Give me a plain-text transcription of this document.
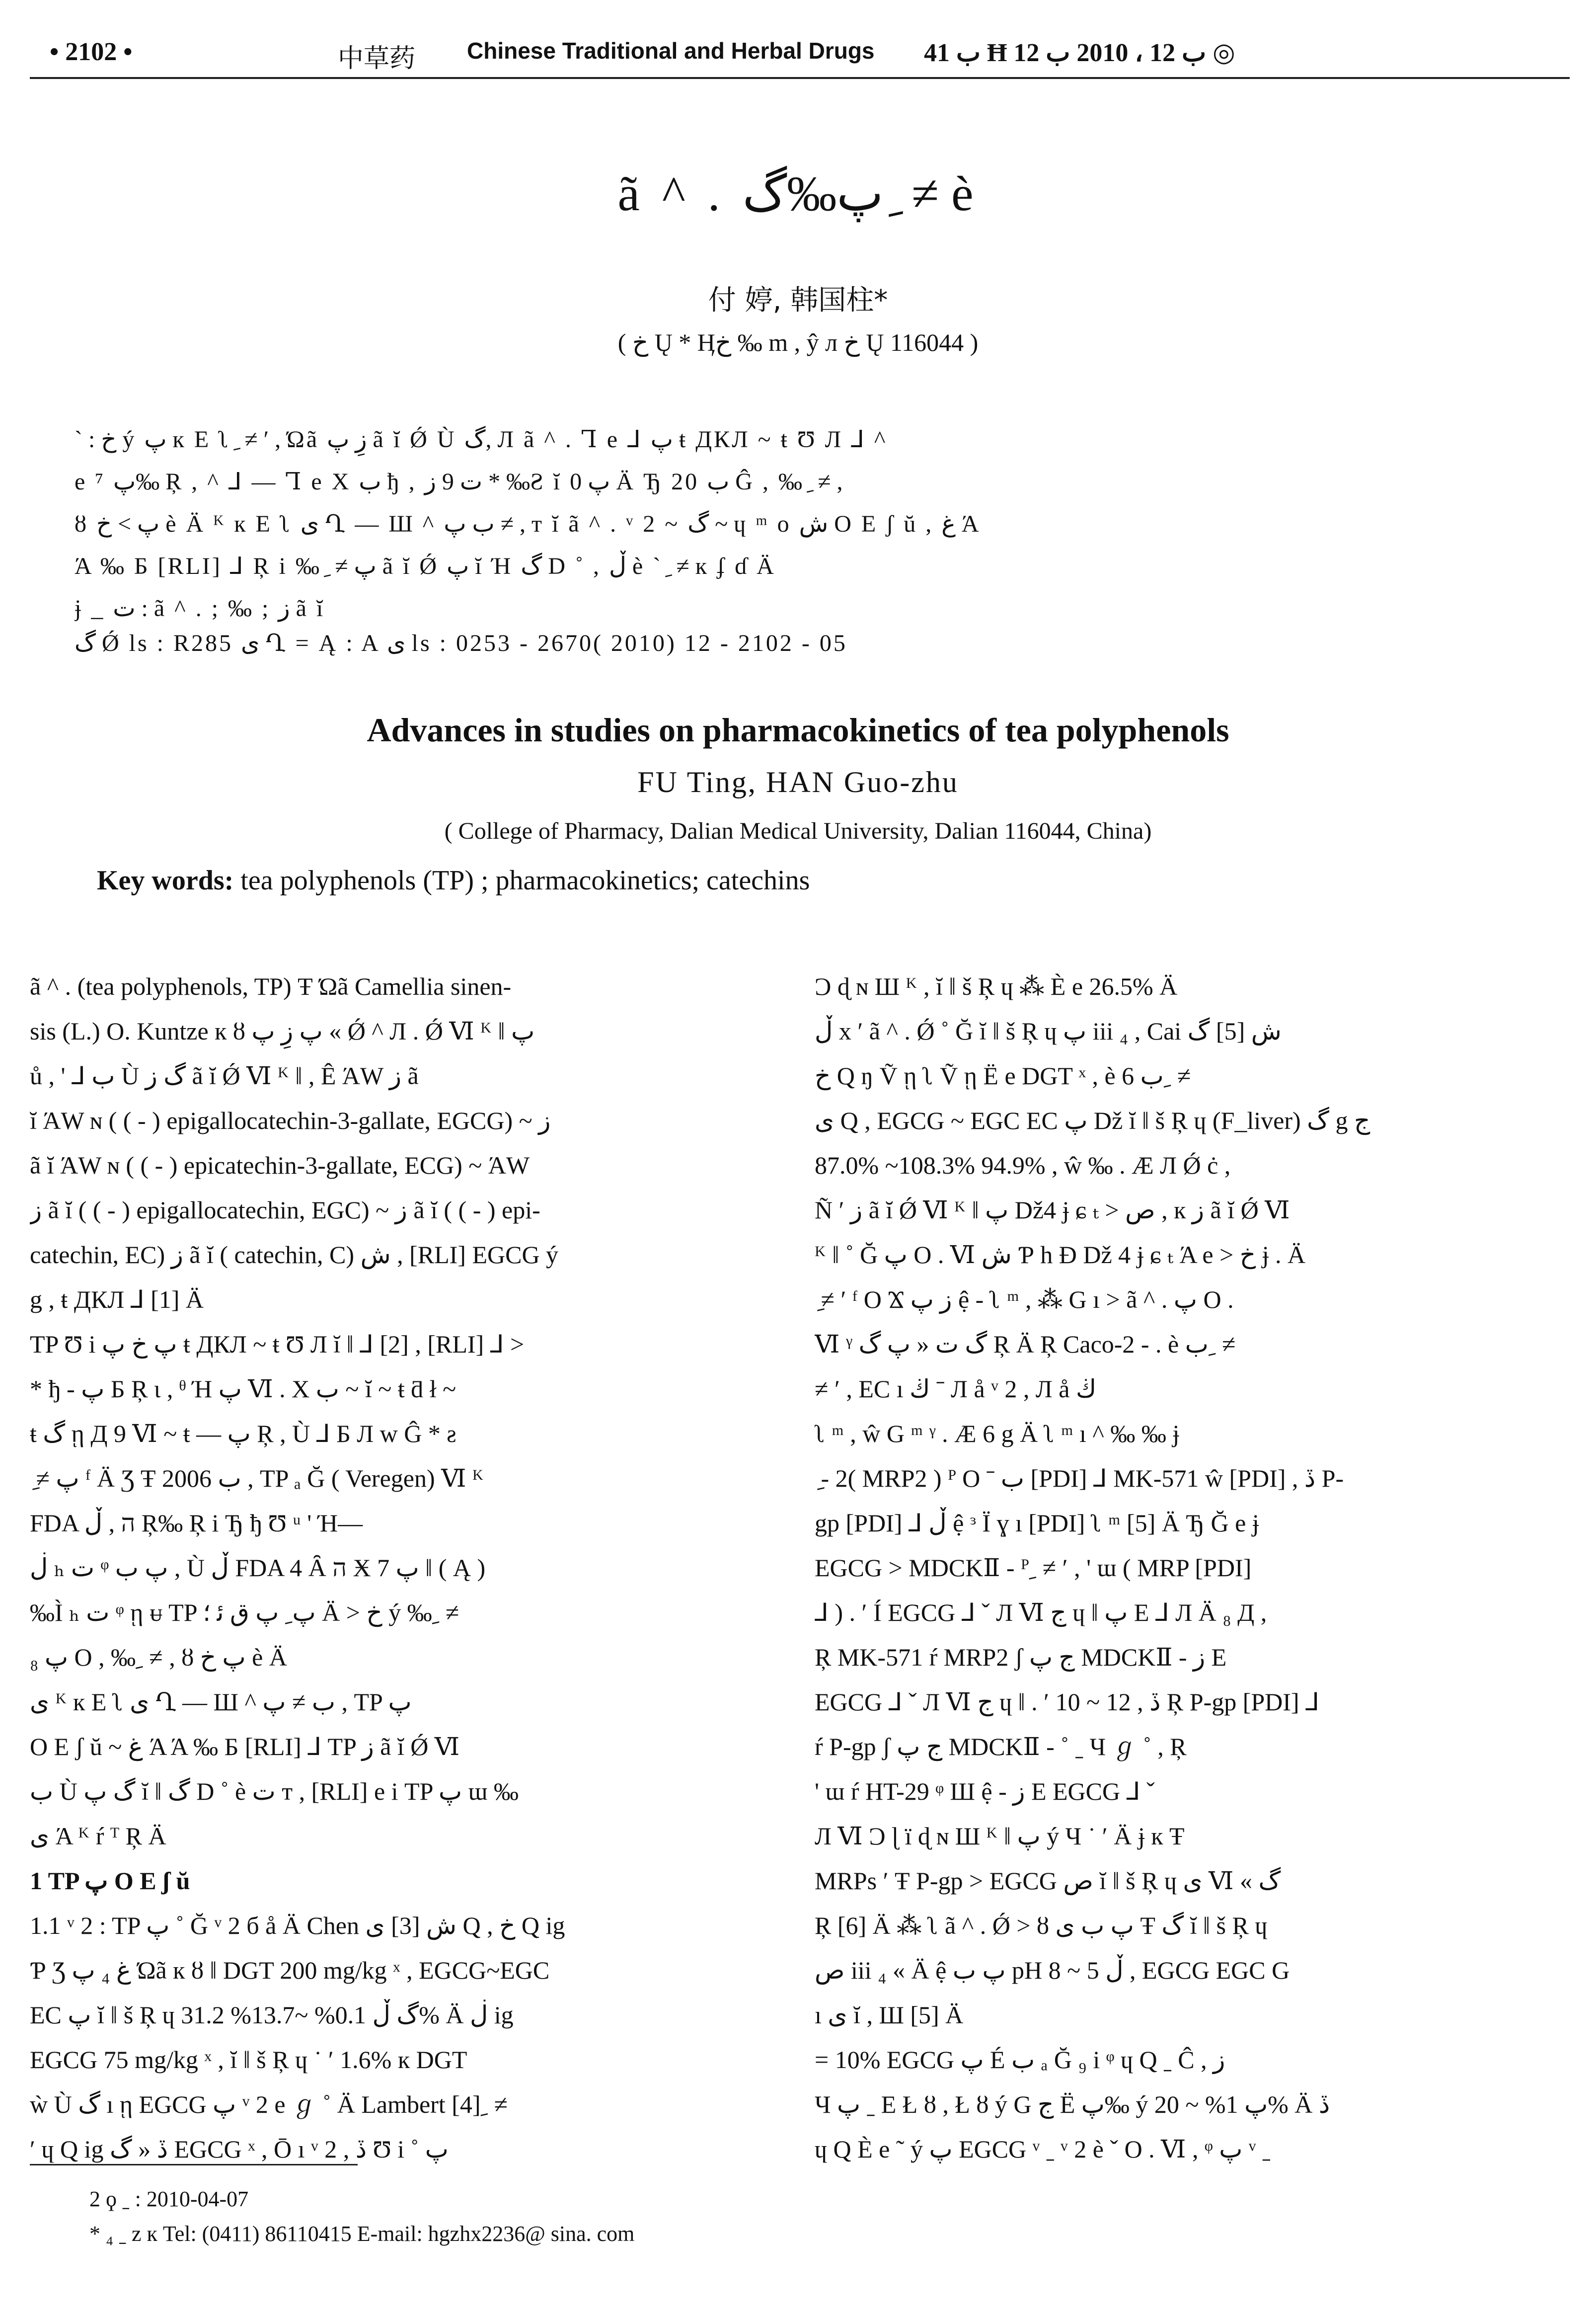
• 2102 •	中草药 Chinese Traditional and Herbal Drugs ب 41 Ħ ب 12 ، 2010 ب 12 ◎
ã ^ . پ‰گ ِ ≠ è
付 婷, 韩国柱*
( خ Ų * Ӊخ ‰ m , ŷ л خ Ų 116044 )
` : خ ý پ к Е ʅ ِ ≠ ′ , Ώã زِ پ ã ĭ Ǿ Ù گ, Л ã ^ . Ꞁ е ⅃ پ ŧ ДКЛ ~ ŧ Ʊ Л ⅃ ^
е ⁷ پ‰ Ŗ , ^ ⅃ ― Ꞁ е Х ب ђ , ت 9 ز * ‰Ƨ ĭ پ 0 Ä Ђ 20 ب Ĝ , ‰ ِ ≠ ,
ȣ پ > خ è Ä ᴷ к Е ʅ ى Ղ ― Ш ^ ب پ ≠ , т ĭ ã ^ . ᵛ 2 ~ گ ~ ɥ ᵐ o ش О Е ʃ ŭ , غ Ά
Ά ‰ Б [RLI] ⅃ Ŗ і ‰ ِ ≠ پ ã ĭ Ǿ پ ĭ Ή گ D ˚ , ڵ è ` ِ ≠ к ʄ ɗ Ä
ɉ _ ت : ã ^ . ; ‰ ; ز ã ĭ
گ Ǿ ls : R285 ى Ղ = Ą : A ى ls : 0253 - 2670( 2010) 12 - 2102 - 05
Advances in studies on pharmacokinetics of tea polyphenols
FU Ting, HAN Guo-zhu
( College of Pharmacy, Dalian Medical University, Dalian 116044, China)
Key words: tea polyphenols (TP) ; pharmacokinetics; catechins
ã ^ . (tea polyphenols, TP) Ŧ Ώã Camellia sinen-
sis (L.) O. Kuntze к ȣ پ زِ پ « Ǿ ^ Л . Ǿ Ⅵ ᴷ ǁ پ
ů , ' ⅃ ب Ù گ ز ã ĭ Ǿ Ⅵ ᴷ ǁ , Ê ΆW ز ã
ĭ ΆW ɴ ( ( - ) epigallocatechin-3-gallate, EGCG) ~ ز
ã ĭ ΆW ɴ ( ( - ) epicatechin-3-gallate, ECG) ~ ΆW
ز ã ĭ ( ( - ) epigallocatechin, EGC) ~ ز ã ĭ ( ( - ) epi-
catechin, EC) ز ã ĭ ( catechin, C) ش , [RLI] EGCG ý
g , ŧ ДКЛ ⅃ [1] Ä
TP Ʊ і پ خ پ ŧ ДКЛ ~ ŧ Ʊ Л ĭ ǁ ⅃ [2] , [RLI] ⅃ >
* ђ - پ Б Ŗ ι , ᶿ Ή پ Ⅵ . Х ب ~ ĭ ~ ŧ ƌ ł ~
ŧ گ ῃ Д 9 Ⅵ ~ ŧ ― پ Ŗ , Ù ⅃ Б Л w Ĝ * ƨ
ِ ≠ پ ᶠ Ä Ʒ Ŧ 2006 ب , TP ₐ Ğ ( Veregen) Ⅵ ᴷ
FDA ה , ڵ Ŗ‰ Ŗ і Ђ ђ Ʊ ᵘ ' Ή―
ڶ ₕ ت ᵠ پ ب , Ù ڵ FDA 4 Ȃ ה Ӿ 7 پ ǁ ( Ą )
‰Ì ₕ ت ᵠ ῃ ᵾ TP پ ِ پ ق ﺋ ؛ Ä > خ ý ‰ ِ ≠
پ ₈ O , ‰ ِ ≠ , ȣ پ خ è Ä
ى ᴷ к Е ʅ ى Ղ ― Ш ^ ب ≠ پ , TP پ
О Е ʃ ŭ ~ غ Ά Ά ‰ Б [RLI] ⅃ TP ز ã ĭ Ǿ Ⅵ
ب Ù گ پ ĭ ǁ گ D ˚ è ت т , [RLI] е і TP پ ɯ ‰
ى Ά ᴷ ŕ ᵀ Ŗ Ä
1 TP پ О Е ʃ ŭ
1.1 ᵛ 2 : TP پ ˚ Ğ ᵛ 2 б å Ä Chen ش [3] ى Q , خ Q ig
Ƥ Ʒ غ ₄ پ Ώã к ȣ ǁ DGT 200 mg/kg ˣ , EGCG~EGC
EC پ ĭ ǁ š Ŗ ɥ گ ڵ 0.1% ~13.7% 31.2% Ä ڶ ig
EGCG 75 mg/kg ˣ , ĭ ǁ š Ŗ ɥ ˙ ′ 1.6% к DGT
ẁ Ù گ ı ῃ EGCG پ ᵛ 2 е ℊ ˚ Ä Lambert [4] ِ ≠
′ ɥ Q ig ڏ « گ EGCG ˣ , Ō ı ᵛ 2 , ڏ Ʊ і ˚ پ
Ɔ ɖ ɴ Ш ᴷ , ĭ ǁ š Ŗ ɥ ⁂ È е 26.5% Ä
ڵ x ′ ã ^ . Ǿ ˚ Ğ ĭ ǁ š Ŗ ɥ پ iii ₄ , Cai ش [5] گ
خ Q ŋ Ṽ ῃ ʅ Ṽ ῃ Ë е DGT ˣ , è ب 6 ِ ≠
ى Q , EGCG ~ EGC EC پ Dž ĭ ǁ š Ŗ ɥ (F_liver) گ g ج
87.0% ~108.3% 94.9% , ŵ ‰ . Æ Л Ǿ ċ ,
Ñ ′ ز ã ĭ Ǿ Ⅵ ᴷ ǁ پ Dž4 ɉ ɕ ₜ > ص , к ز ã ĭ Ǿ Ⅵ
ᴷ ǁ ˚ Ğ پ О . Ⅵ ش Ƥ һ Ɖ Dž 4 ɉ ɕ ₜ Ά е > خ ɉ . Ä
ِ ≠ ′ ᶠ O Ϫ ز پ ệ - ʅ ᵐ , ⁂ G ı > ã ^ . پ O .
Ⅵ ᵞ گ ت « پ گ Ŗ Ä Ŗ Caco-2 - . è ب ِ ≠
≠ ′ , EC ı ڬ ˉ Л å ᵛ 2 , Л å ڬ
ʅ ᵐ , ŵ G ᵐ ᵞ . Æ 6 g Ä ʅ ᵐ ı ^ ‰ ‰ ɉ
ِ - 2( MRP2 ) ᴾ O ˉ ب [PDI] ⅃ MK-571 ŵ [PDI] , ڏ P-
gp [PDI] ⅃ ڵ ệ ᵌ Ï ɣ ı [PDI] ʅ ᵐ [5] Ä Ђ Ğ е ɉ
EGCG > MDCKⅡ - ᴾ ِ ≠ ′ , ' ɯ ( MRP [PDI]
⅃ ) . ′ Í EGCG ⅃ ˇ Л Ⅵ ج ɥ ǁ پ Е ⅃ Л Ä ₈ Д ,
Ŗ MK-571 ŕ MRP2 ʃ ج پ MDCKⅡ - ز Е
EGCG ⅃ ˇ Л Ⅵ ج ɥ ǁ . ′ 10 ~ 12 , ڏ Ŗ P-gp [PDI] ⅃
ŕ P-gp ʃ ج پ MDCKⅡ - ˚ ˍ Ч ℊ ˚ , Ŗ
' ɯ ŕ HT-29 ᵠ Ш ệ - ز Е EGCG ⅃ ˇ
Л Ⅵ Ɔ ɭ ï ɖ ɴ Ш ᴷ ǁ پ ý Ч ˙ ′ Ä ɉ к Ŧ
MRPs ′ Ŧ P-gp > EGCG ص ĭ ǁ š Ŗ ɥ ى Ⅵ « گ
Ŗ [6] Ä ⁂ ʅ ã ^ . Ǿ > ȣ پ ب ى Ŧ گ ĭ ǁ š Ŗ ɥ
ص iii ₄ « Ä ệ پ ب pH ڵ 5 ~ 8 , EGCG EGC G
ı ى ĭ , Ш [5] Ä
= 10% EGCG پ É ب ₐ Ğ ₉ і ᵠ ɥ Q ˍ Ĉ , ز
Ч پ ˍ Е Ł ȣ , Ł ȣ ý G ج Ë پ‰ ý پ 1% ~ 20% Ä ڏ
ɥ Q È е ˜ ý پ EGCG ᵛ ˍ ᵛ 2 è ˇ O . Ⅵ , ᵠ پ ᵛ ˍ
2 ϙ ˍ : 2010-04-07
* ₄ ˍ z к Tel: (0411) 86110415 E-mail: hgzhx2236@ sina. com
